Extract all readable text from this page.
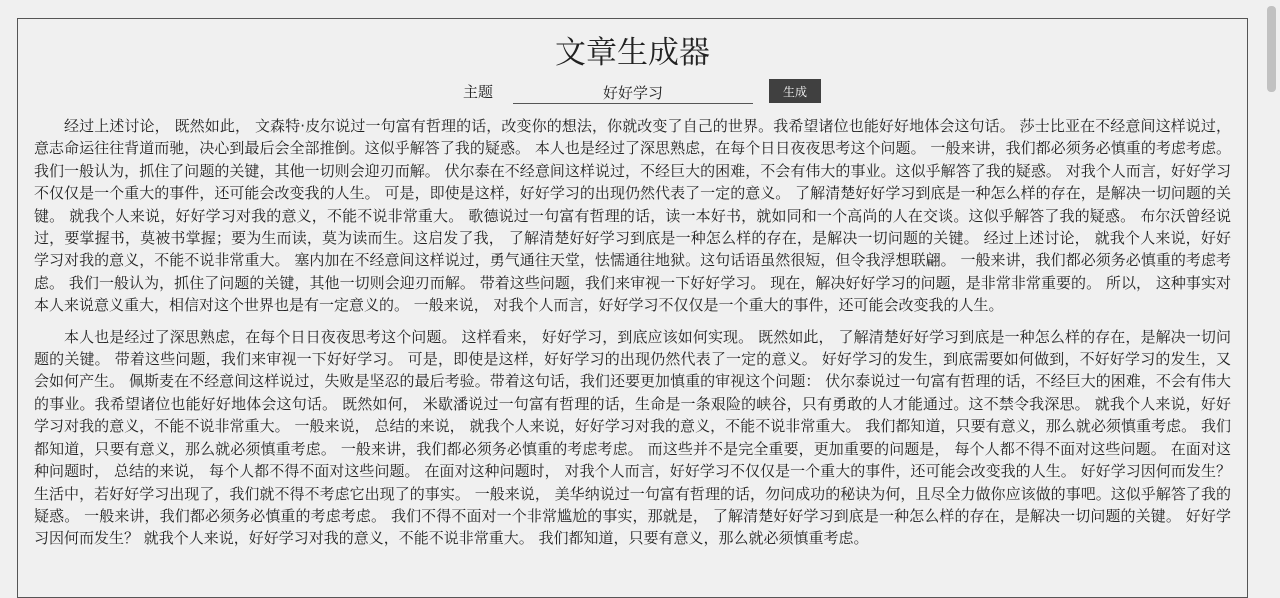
文章生成器
主题
好好学习	生成

经过上述讨论， 既然如此， 文森特·皮尔说过一句富有哲理的话，改变你的想法，你就改变了自己的世界。我希望诸位也能好好地体会这句话。 莎士比亚在不经意间这样说过，意志命运往往背道而驰，决心到最后会全部推倒。这似乎解答了我的疑惑。 本人也是经过了深思熟虑，在每个日日夜夜思考这个问题。 一般来讲，我们都必须务必慎重的考虑考虑。 我们一般认为，抓住了问题的关键，其他一切则会迎刃而解。 伏尔泰在不经意间这样说过，不经巨大的困难，不会有伟大的事业。这似乎解答了我的疑惑。 对我个人而言，好好学习不仅仅是一个重大的事件，还可能会改变我的人生。 可是，即使是这样，好好学习的出现仍然代表了一定的意义。 了解清楚好好学习到底是一种怎么样的存在，是解决一切问题的关键。 就我个人来说，好好学习对我的意义，不能不说非常重大。 歌德说过一句富有哲理的话，读一本好书，就如同和一个高尚的人在交谈。这似乎解答了我的疑惑。 布尔沃曾经说过，要掌握书，莫被书掌握；要为生而读，莫为读而生。这启发了我， 了解清楚好好学习到底是一种怎么样的存在，是解决一切问题的关键。 经过上述讨论， 就我个人来说，好好学习对我的意义，不能不说非常重大。 塞内加在不经意间这样说过，勇气通往天堂，怯懦通往地狱。这句话语虽然很短，但令我浮想联翩。 一般来讲，我们都必须务必慎重的考虑考虑。 我们一般认为，抓住了问题的关键，其他一切则会迎刃而解。 带着这些问题，我们来审视一下好好学习。 现在，解决好好学习的问题，是非常非常重要的。 所以， 这种事实对本人来说意义重大，相信对这个世界也是有一定意义的。 一般来说， 对我个人而言，好好学习不仅仅是一个重大的事件，还可能会改变我的人生。

本人也是经过了深思熟虑，在每个日日夜夜思考这个问题。 这样看来， 好好学习，到底应该如何实现。 既然如此， 了解清楚好好学习到底是一种怎么样的存在，是解决一切问题的关键。 带着这些问题，我们来审视一下好好学习。 可是，即使是这样，好好学习的出现仍然代表了一定的意义。 好好学习的发生，到底需要如何做到，不好好学习的发生，又会如何产生。 佩斯麦在不经意间这样说过，失败是坚忍的最后考验。带着这句话，我们还要更加慎重的审视这个问题： 伏尔泰说过一句富有哲理的话，不经巨大的困难，不会有伟大的事业。我希望诸位也能好好地体会这句话。 既然如何， 米歇潘说过一句富有哲理的话，生命是一条艰险的峡谷，只有勇敢的人才能通过。这不禁令我深思。 就我个人来说，好好学习对我的意义，不能不说非常重大。 一般来说， 总结的来说， 就我个人来说，好好学习对我的意义，不能不说非常重大。 我们都知道，只要有意义，那么就必须慎重考虑。 我们都知道，只要有意义，那么就必须慎重考虑。 一般来讲，我们都必须务必慎重的考虑考虑。 而这些并不是完全重要，更加重要的问题是， 每个人都不得不面对这些问题。 在面对这种问题时， 总结的来说， 每个人都不得不面对这些问题。 在面对这种问题时， 对我个人而言，好好学习不仅仅是一个重大的事件，还可能会改变我的人生。 好好学习因何而发生？ 生活中，若好好学习出现了，我们就不得不考虑它出现了的事实。 一般来说， 美华纳说过一句富有哲理的话，勿问成功的秘诀为何，且尽全力做你应该做的事吧。这似乎解答了我的疑惑。 一般来讲，我们都必须务必慎重的考虑考虑。 我们不得不面对一个非常尴尬的事实，那就是， 了解清楚好好学习到底是一种怎么样的存在，是解决一切问题的关键。 好好学习因何而发生？ 就我个人来说，好好学习对我的意义，不能不说非常重大。 我们都知道，只要有意义，那么就必须慎重考虑。
